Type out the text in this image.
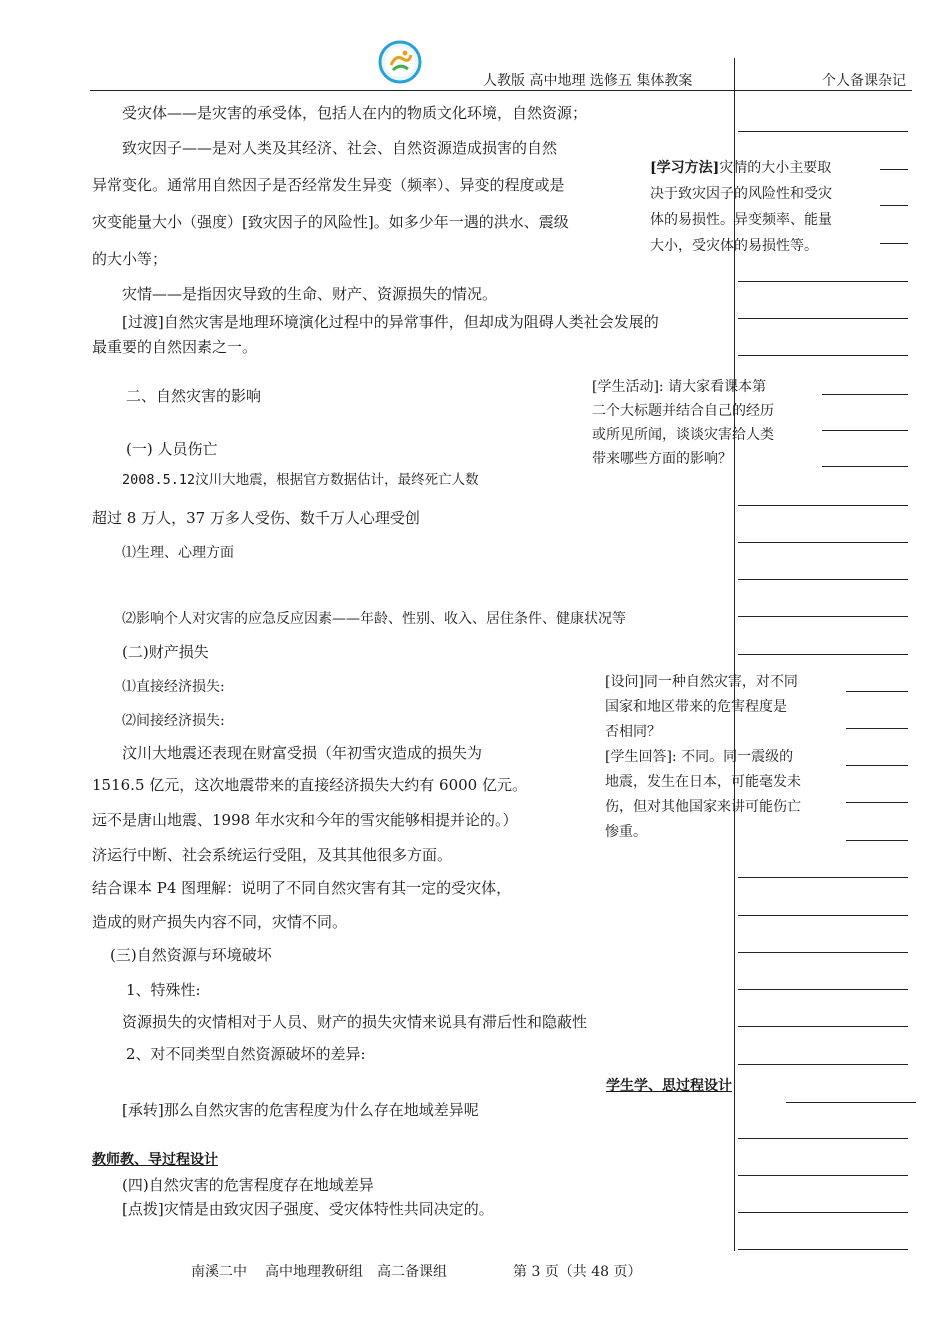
人教版 高中地理 选修五 集体教案	个人备课杂记
受灾体——是灾害的承受体，包括人在内的物质文化环境，自然资源；
致灾因子——是对人类及其经济、社会、自然资源造成损害的自然
异常变化。通常用自然因子是否经常发生异变（频率）、异变的程度或是
灾变能量大小（强度）[致灾因子的风险性]。如多少年一遇的洪水、震级
的大小等；
灾情——是指因灾导致的生命、财产、资源损失的情况。
[过渡]自然灾害是地理环境演化过程中的异常事件，但却成为阻碍人类社会发展的
最重要的自然因素之一。
二、自然灾害的影响
(一) 人员伤亡
2008.5.12汶川大地震，根据官方数据估计，最终死亡人数
超过 8 万人，37 万多人受伤、数千万人心理受创
⑴生理、心理方面
⑵影响个人对灾害的应急反应因素——年龄、性别、收入、居住条件、健康状况等
(二)财产损失
⑴直接经济损失:
⑵间接经济损失:
汶川大地震还表现在财富受损（年初雪灾造成的损失为
1516.5 亿元，这次地震带来的直接经济损失大约有 6000 亿元。
远不是唐山地震、1998 年水灾和今年的雪灾能够相提并论的。）
济运行中断、社会系统运行受阻，及其其他很多方面。
结合课本 P4 图理解：说明了不同自然灾害有其一定的受灾体，
造成的财产损失内容不同，灾情不同。
(三)自然资源与环境破坏
1、特殊性:
资源损失的灾情相对于人员、财产的损失灾情来说具有滞后性和隐蔽性
2、对不同类型自然资源破坏的差异:
[承转]那么自然灾害的危害程度为什么存在地域差异呢
教师教、导过程设计
(四)自然灾害的危害程度存在地域差异
[点拨]灾情是由致灾因子强度、受灾体特性共同决定的。
[学习方法]灾情的大小主要取
决于致灾因子的风险性和受灾
体的易损性。异变频率、能量
大小，受灾体的易损性等。
[学生活动]: 请大家看课本第
二个大标题并结合自己的经历
或所见所闻，谈谈灾害给人类
带来哪些方面的影响？
[设问]同一种自然灾害，对不同
国家和地区带来的危害程度是
否相同？
[学生回答]: 不同。同一震级的
地震，发生在日本，可能毫发未
伤，但对其他国家来讲可能伤亡
惨重。
学生学、思过程设计
南溪二中 高中地理教研组 高二备课组	第 3 页（共 48 页）
